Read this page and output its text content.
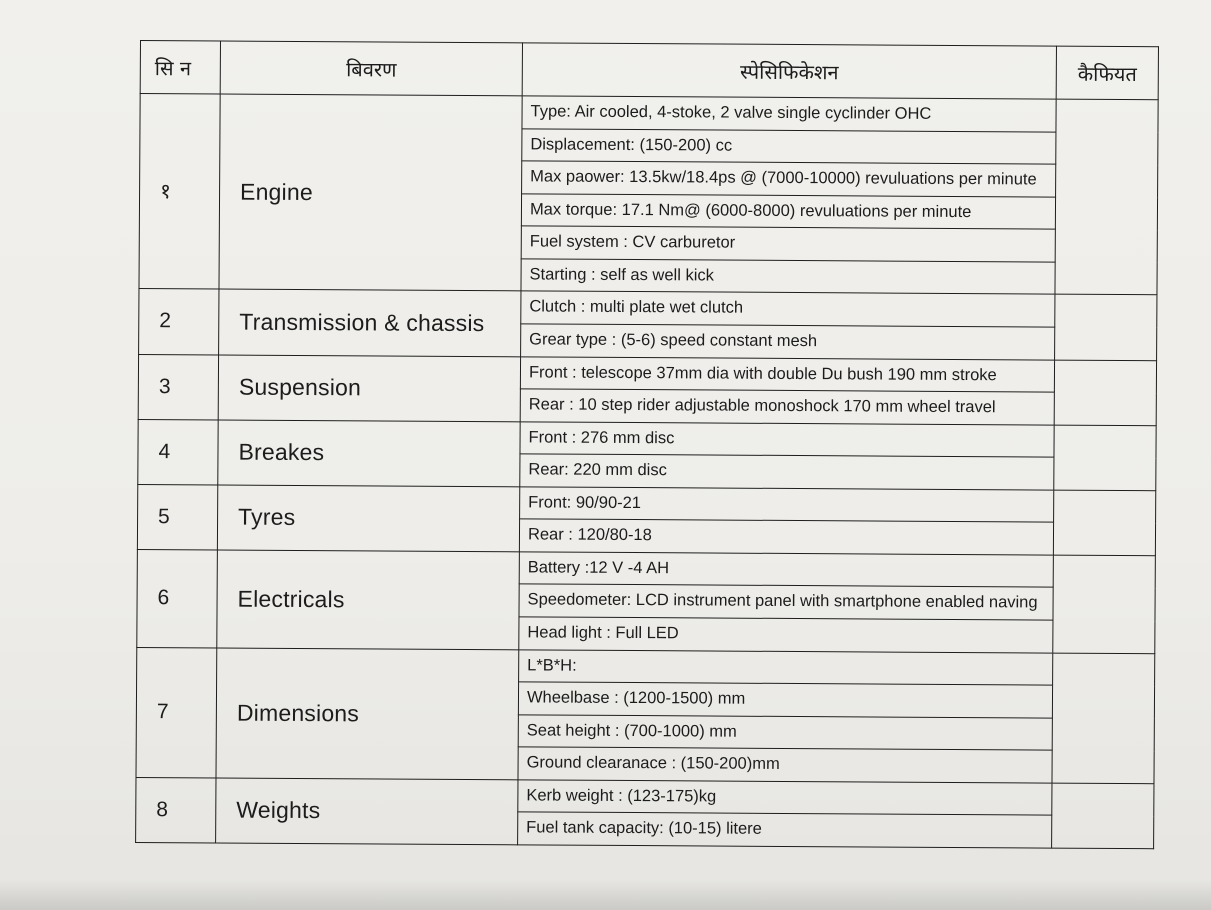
सि न	बिवरण	स्पेसिफिकेशन	कैफियत
१	Engine	Type: Air cooled, 4-stoke, 2 valve single cyclinder OHC	
		Displacement: (150-200) cc	
		Max paower: 13.5kw/18.4ps @ (7000-10000) revuluations per minute	
		Max torque: 17.1 Nm@ (6000-8000) revuluations per minute	
		Fuel system : CV carburetor	
		Starting : self as well kick	
2	Transmission & chassis	Clutch : multi plate wet clutch	
		Grear type : (5-6) speed constant mesh	
3	Suspension	Front : telescope 37mm dia with double Du bush 190 mm stroke	
		Rear : 10 step rider adjustable monoshock 170 mm wheel travel	
4	Breakes	Front : 276 mm disc	
		Rear: 220 mm disc	
5	Tyres	Front: 90/90-21	
		Rear : 120/80-18	
6	Electricals	Battery :12 V -4 AH	
		Speedometer: LCD instrument panel with smartphone enabled naving	
		Head light : Full LED	
7	Dimensions	L*B*H:	
		Wheelbase : (1200-1500) mm	
		Seat height : (700-1000) mm	
		Ground clearanace : (150-200)mm	
8	Weights	Kerb weight : (123-175)kg	
		Fuel tank capacity: (10-15) litere	
